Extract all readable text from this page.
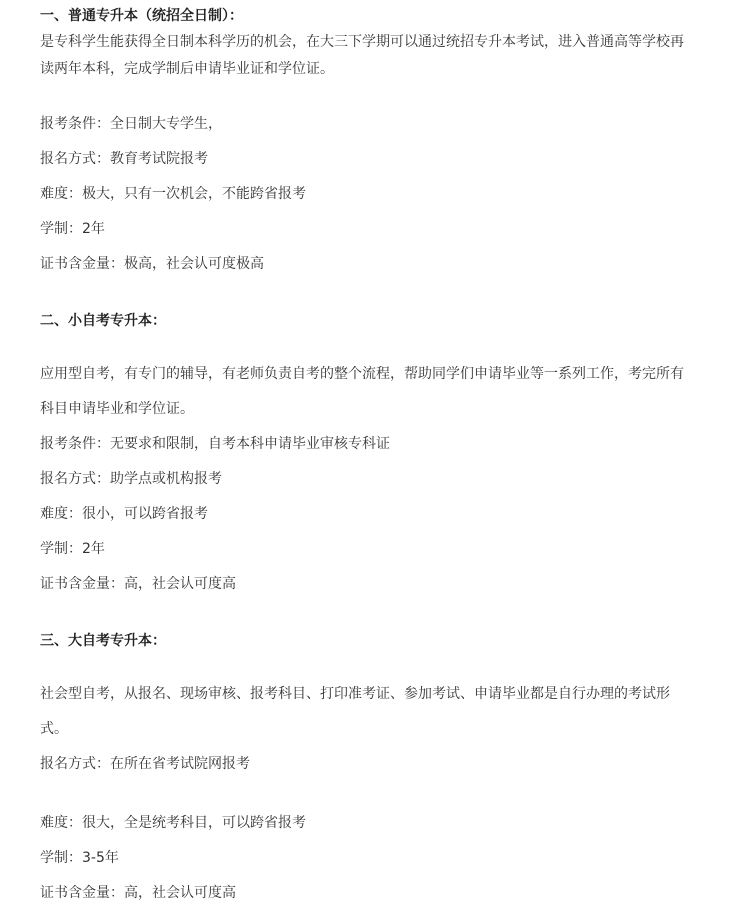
一、普通专升本（统招全日制）：
是专科学生能获得全日制本科学历的机会，在大三下学期可以通过统招专升本考试，进入普通高等学校再
读两年本科，完成学制后申请毕业证和学位证。
报考条件：全日制大专学生，
报名方式：教育考试院报考
难度：极大，只有一次机会，不能跨省报考
学制：2年
证书含金量：极高，社会认可度极高
二、小自考专升本：
应用型自考，有专门的辅导，有老师负责自考的整个流程，帮助同学们申请毕业等一系列工作，考完所有
科目申请毕业和学位证。
报考条件：无要求和限制，自考本科申请毕业审核专科证
报名方式：助学点或机构报考
难度：很小，可以跨省报考
学制：2年
证书含金量：高，社会认可度高
三、大自考专升本：
社会型自考，从报名、现场审核、报考科目、打印准考证、参加考试、申请毕业都是自行办理的考试形
式。
报名方式：在所在省考试院网报考
难度：很大，全是统考科目，可以跨省报考
学制：3-5年
证书含金量：高，社会认可度高
